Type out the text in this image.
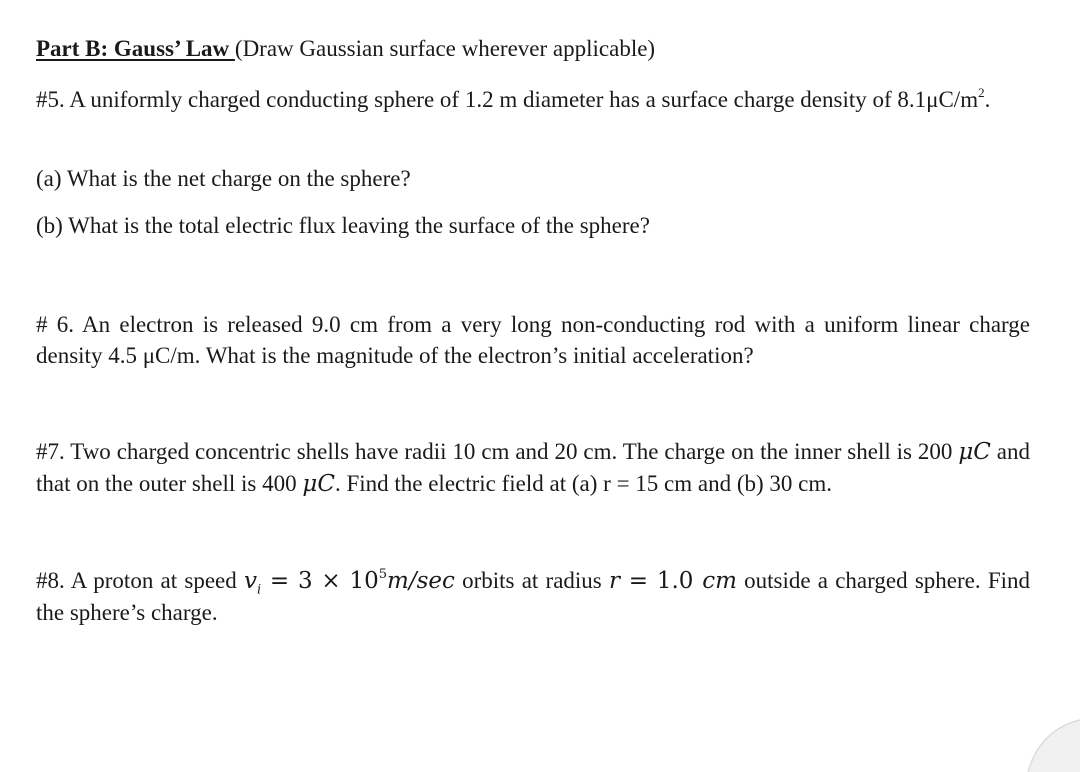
Part B: Gauss’ Law (Draw Gaussian surface wherever applicable)
#5. A uniformly charged conducting sphere of 1.2 m diameter has a surface charge density of $8.1\mu C/m^2$.
(a) What is the net charge on the sphere?
(b) What is the total electric flux leaving the surface of the sphere?
# 6. An electron is released 9.0 cm from a very long non-conducting rod with a uniform linear charge density 4.5 μC/m. What is the magnitude of the electron’s initial acceleration?
#7. Two charged concentric shells have radii 10 cm and 20 cm. The charge on the inner shell is 200 μC and that on the outer shell is 400 μC. Find the electric field at (a) r = 15 cm and (b) 30 cm.
#8. A proton at speed $v_i = 3 \times 10^5m/\sec$ orbits at radius r = 1.0 cm outside a charged sphere. Find the sphere’s charge.
